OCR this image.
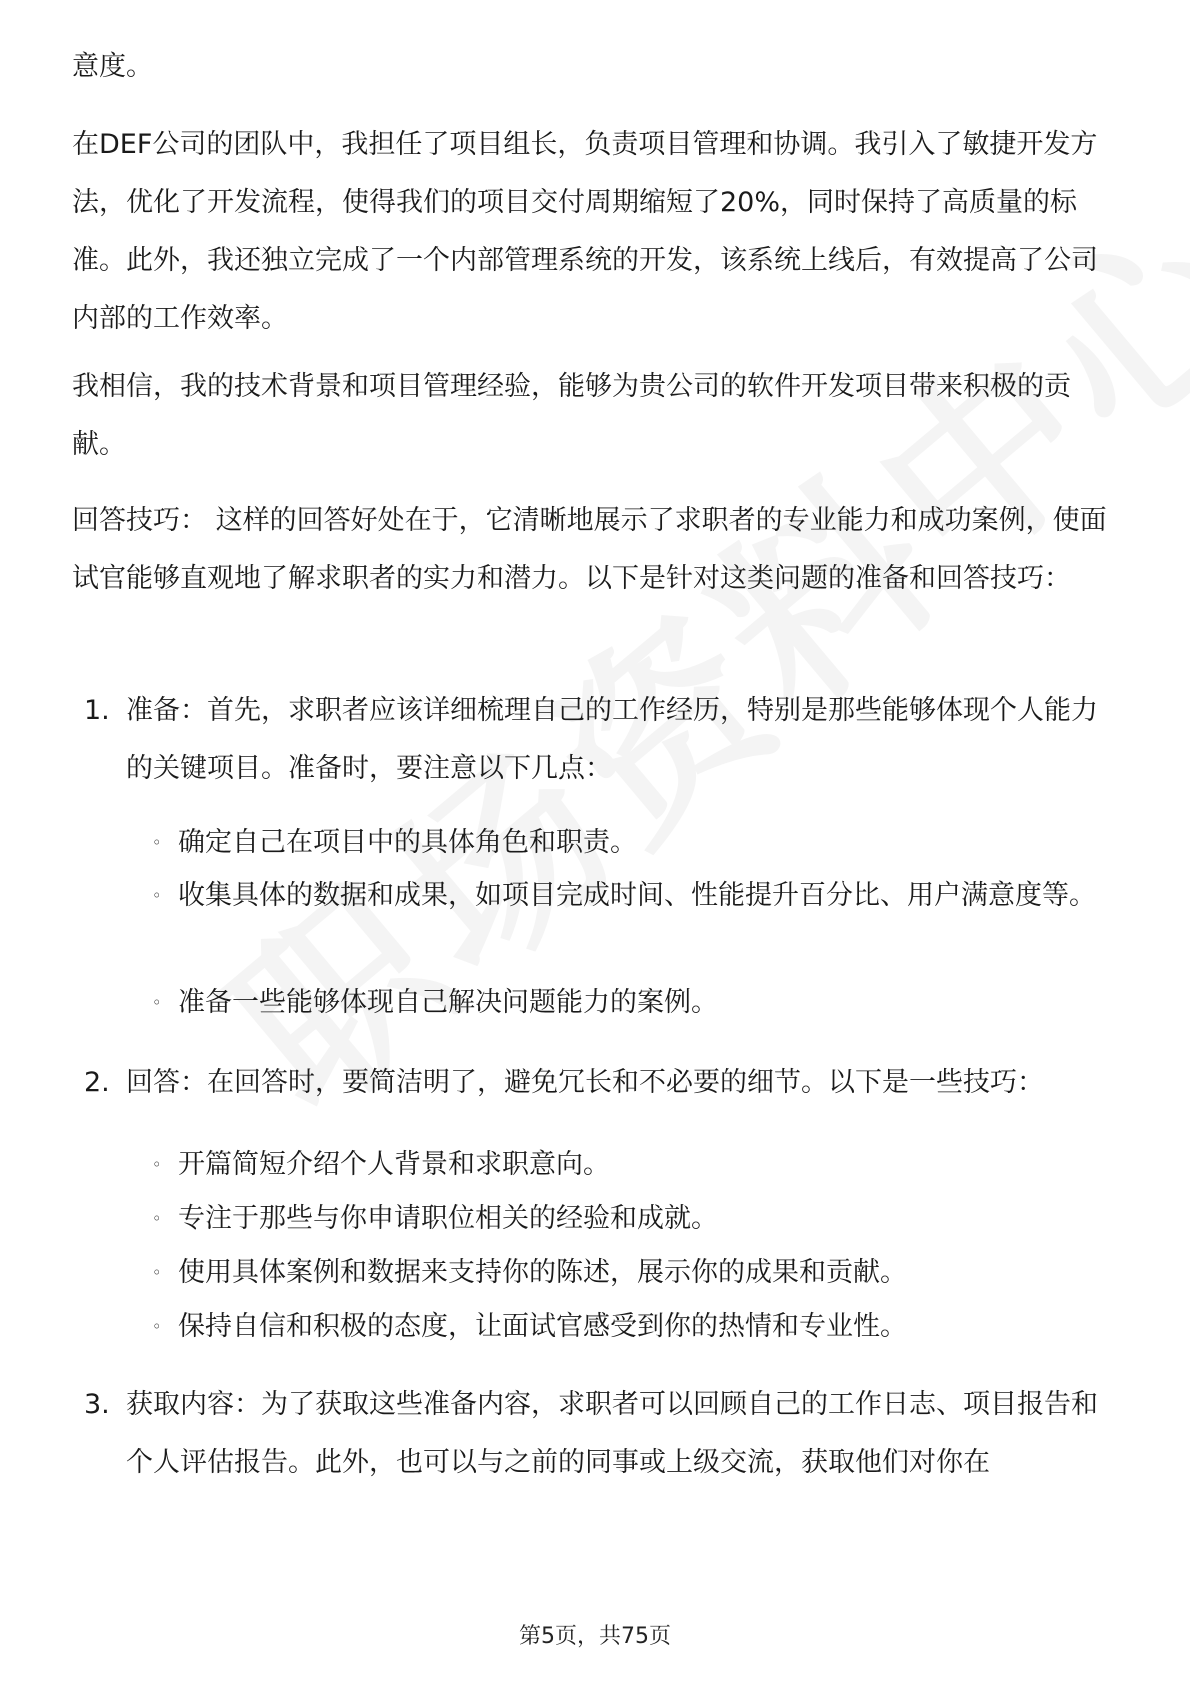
意度。

在DEF公司的团队中，我担任了项目组长，负责项目管理和协调。我引入了敏捷开发方法，优化了开发流程，使得我们的项目交付周期缩短了20%，同时保持了高质量的标准。此外，我还独立完成了一个内部管理系统的开发，该系统上线后，有效提高了公司内部的工作效率。

我相信，我的技术背景和项目管理经验，能够为贵公司的软件开发项目带来积极的贡献。

回答技巧： 这样的回答好处在于，它清晰地展示了求职者的专业能力和成功案例，使面试官能够直观地了解求职者的实力和潜力。以下是针对这类问题的准备和回答技巧：

1. 准备：首先，求职者应该详细梳理自己的工作经历，特别是那些能够体现个人能力的关键项目。准备时，要注意以下几点：

◦ 确定自己在项目中的具体角色和职责。

◦ 收集具体的数据和成果，如项目完成时间、性能提升百分比、用户满意度等。

◦ 准备一些能够体现自己解决问题能力的案例。

2. 回答：在回答时，要简洁明了，避免冗长和不必要的细节。以下是一些技巧：

◦ 开篇简短介绍个人背景和求职意向。

◦ 专注于那些与你申请职位相关的经验和成就。

◦ 使用具体案例和数据来支持你的陈述，展示你的成果和贡献。

◦ 保持自信和积极的态度，让面试官感受到你的热情和专业性。

3. 获取内容：为了获取这些准备内容，求职者可以回顾自己的工作日志、项目报告和个人评估报告。此外，也可以与之前的同事或上级交流，获取他们对你在

第5页，共75页
